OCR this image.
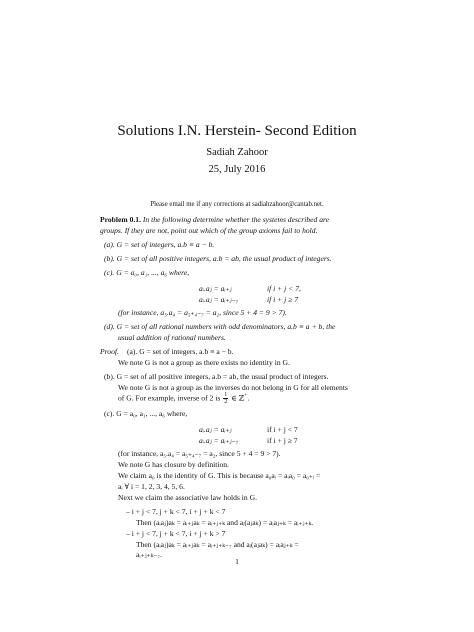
Solutions I.N. Herstein- Second Edition
Sadiah Zahoor
25, July 2016
Please email me if any corrections at sadiahzahoor@cantab.net.
Problem 0.1. In the following determine whether the systems described are
groups. If they are not, point out which of the group axioms fail to hold.
(a). G = set of integers, a.b ≡ a − b.
(b). G = set of all positive integers, a.b = ab, the usual product of integers.
(c). G = a₀, a₁, ..., a₆ where,
aᵢ.aⱼ = aᵢ₊ⱼ	if i + j < 7,
aᵢ.aⱼ = aᵢ₊ⱼ₋₇	if i + j ≥ 7
(for instance, a₅.a₄ = a₅₊₄₋₇ = a₂, since 5 + 4 = 9 > 7).
(d). G = set of all rational numbers with odd denominators, a.b ≡ a + b, the
usual addition of rational numbers.
Proof. (a). G = set of integers, a.b ≡ a − b.
We note G is not a group as there exists no identity in G.
(b). G = set of all positive integers, a.b = ab, the usual product of integers.
We note G is not a group as the inverses do not belong in G for all elements
of G. For example, inverse of 2 is $\frac{1}{2}$ ∈ ℤ+.
(c). G = a₀, a₁, ..., a₆ where,
aᵢ.aⱼ = aᵢ₊ⱼ	if i + j < 7
aᵢ.aⱼ = aᵢ₊ⱼ₋₇	if i + j ≥ 7
(for instance, a₅.a₄ = a₅₊₄₋₇ = a₂, since 5 + 4 = 9 > 7).
We note G has closure by definition.
We claim a₀ is the identity of G. This is because a₀aᵢ = aᵢa₀ = a₀₊ᵢ =
aᵢ ∀ i = 1, 2, 3, 4, 5, 6.
Next we claim the associative law holds in G.
– i + j < 7, j + k < 7, i + j + k < 7
Then (aᵢaⱼ)aₖ = aᵢ₊ⱼaₖ = aᵢ₊ⱼ₊ₖ and aᵢ(aⱼaₖ) = aᵢaⱼ₊ₖ = aᵢ₊ⱼ₊ₖ.
– i + j < 7, j + k < 7, i + j + k > 7
Then (aᵢaⱼ)aₖ = aᵢ₊ⱼaₖ = aᵢ₊ⱼ₊ₖ₋₇ and aᵢ(aⱼaₖ) = aᵢaⱼ₊ₖ =
aᵢ₊ⱼ₊ₖ₋₇.
1
